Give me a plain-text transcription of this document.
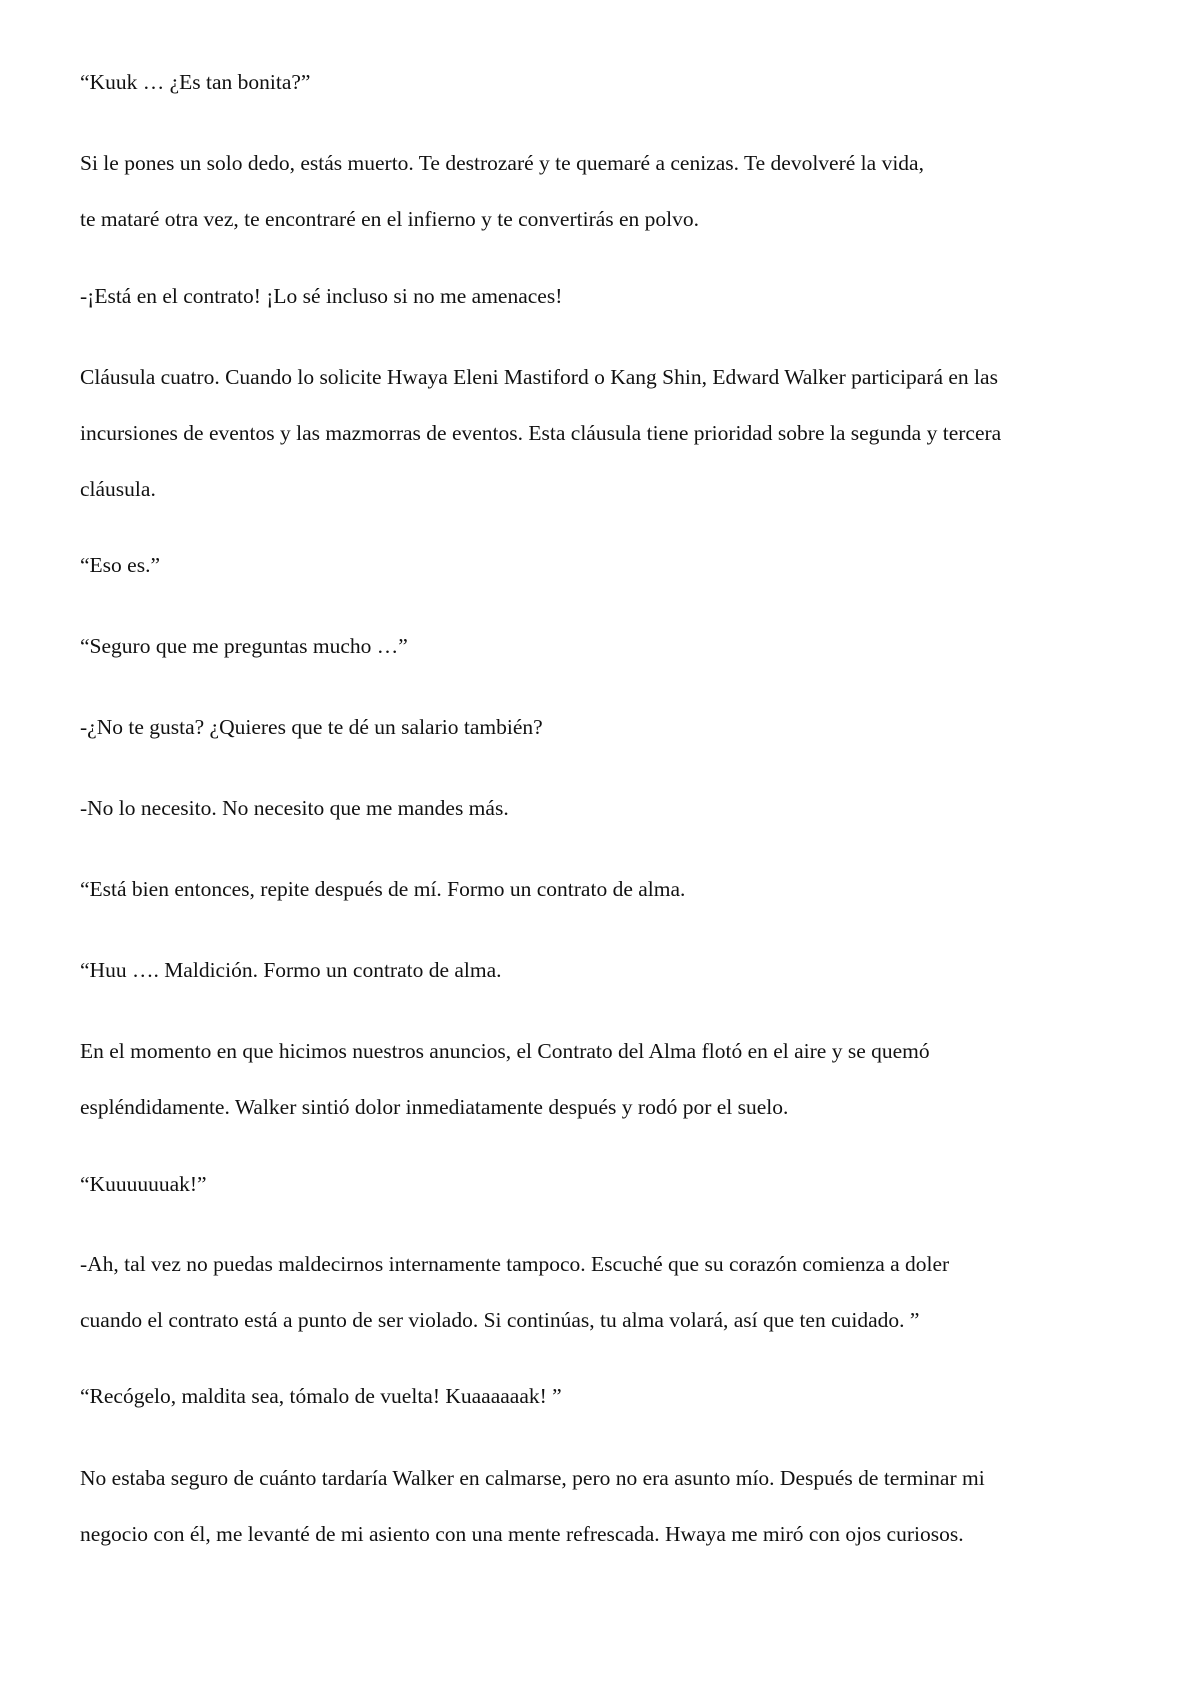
“Kuuk … ¿Es tan bonita?”

Si le pones un solo dedo, estás muerto. Te destrozaré y te quemaré a cenizas. Te devolveré la vida,
te mataré otra vez, te encontraré en el infierno y te convertirás en polvo.

-¡Está en el contrato! ¡Lo sé incluso si no me amenaces!

Cláusula cuatro. Cuando lo solicite Hwaya Eleni Mastiford o Kang Shin, Edward Walker participará en las
incursiones de eventos y las mazmorras de eventos. Esta cláusula tiene prioridad sobre la segunda y tercera
cláusula.

“Eso es.”

“Seguro que me preguntas mucho …”

-¿No te gusta? ¿Quieres que te dé un salario también?

-No lo necesito. No necesito que me mandes más.

“Está bien entonces, repite después de mí. Formo un contrato de alma.

“Huu …. Maldición. Formo un contrato de alma.

En el momento en que hicimos nuestros anuncios, el Contrato del Alma flotó en el aire y se quemó
espléndidamente. Walker sintió dolor inmediatamente después y rodó por el suelo.

“Kuuuuuuak!”

-Ah, tal vez no puedas maldecirnos internamente tampoco. Escuché que su corazón comienza a doler
cuando el contrato está a punto de ser violado. Si continúas, tu alma volará, así que ten cuidado. ”

“Recógelo, maldita sea, tómalo de vuelta! Kuaaaaaak! ”

No estaba seguro de cuánto tardaría Walker en calmarse, pero no era asunto mío. Después de terminar mi
negocio con él, me levanté de mi asiento con una mente refrescada. Hwaya me miró con ojos curiosos.
